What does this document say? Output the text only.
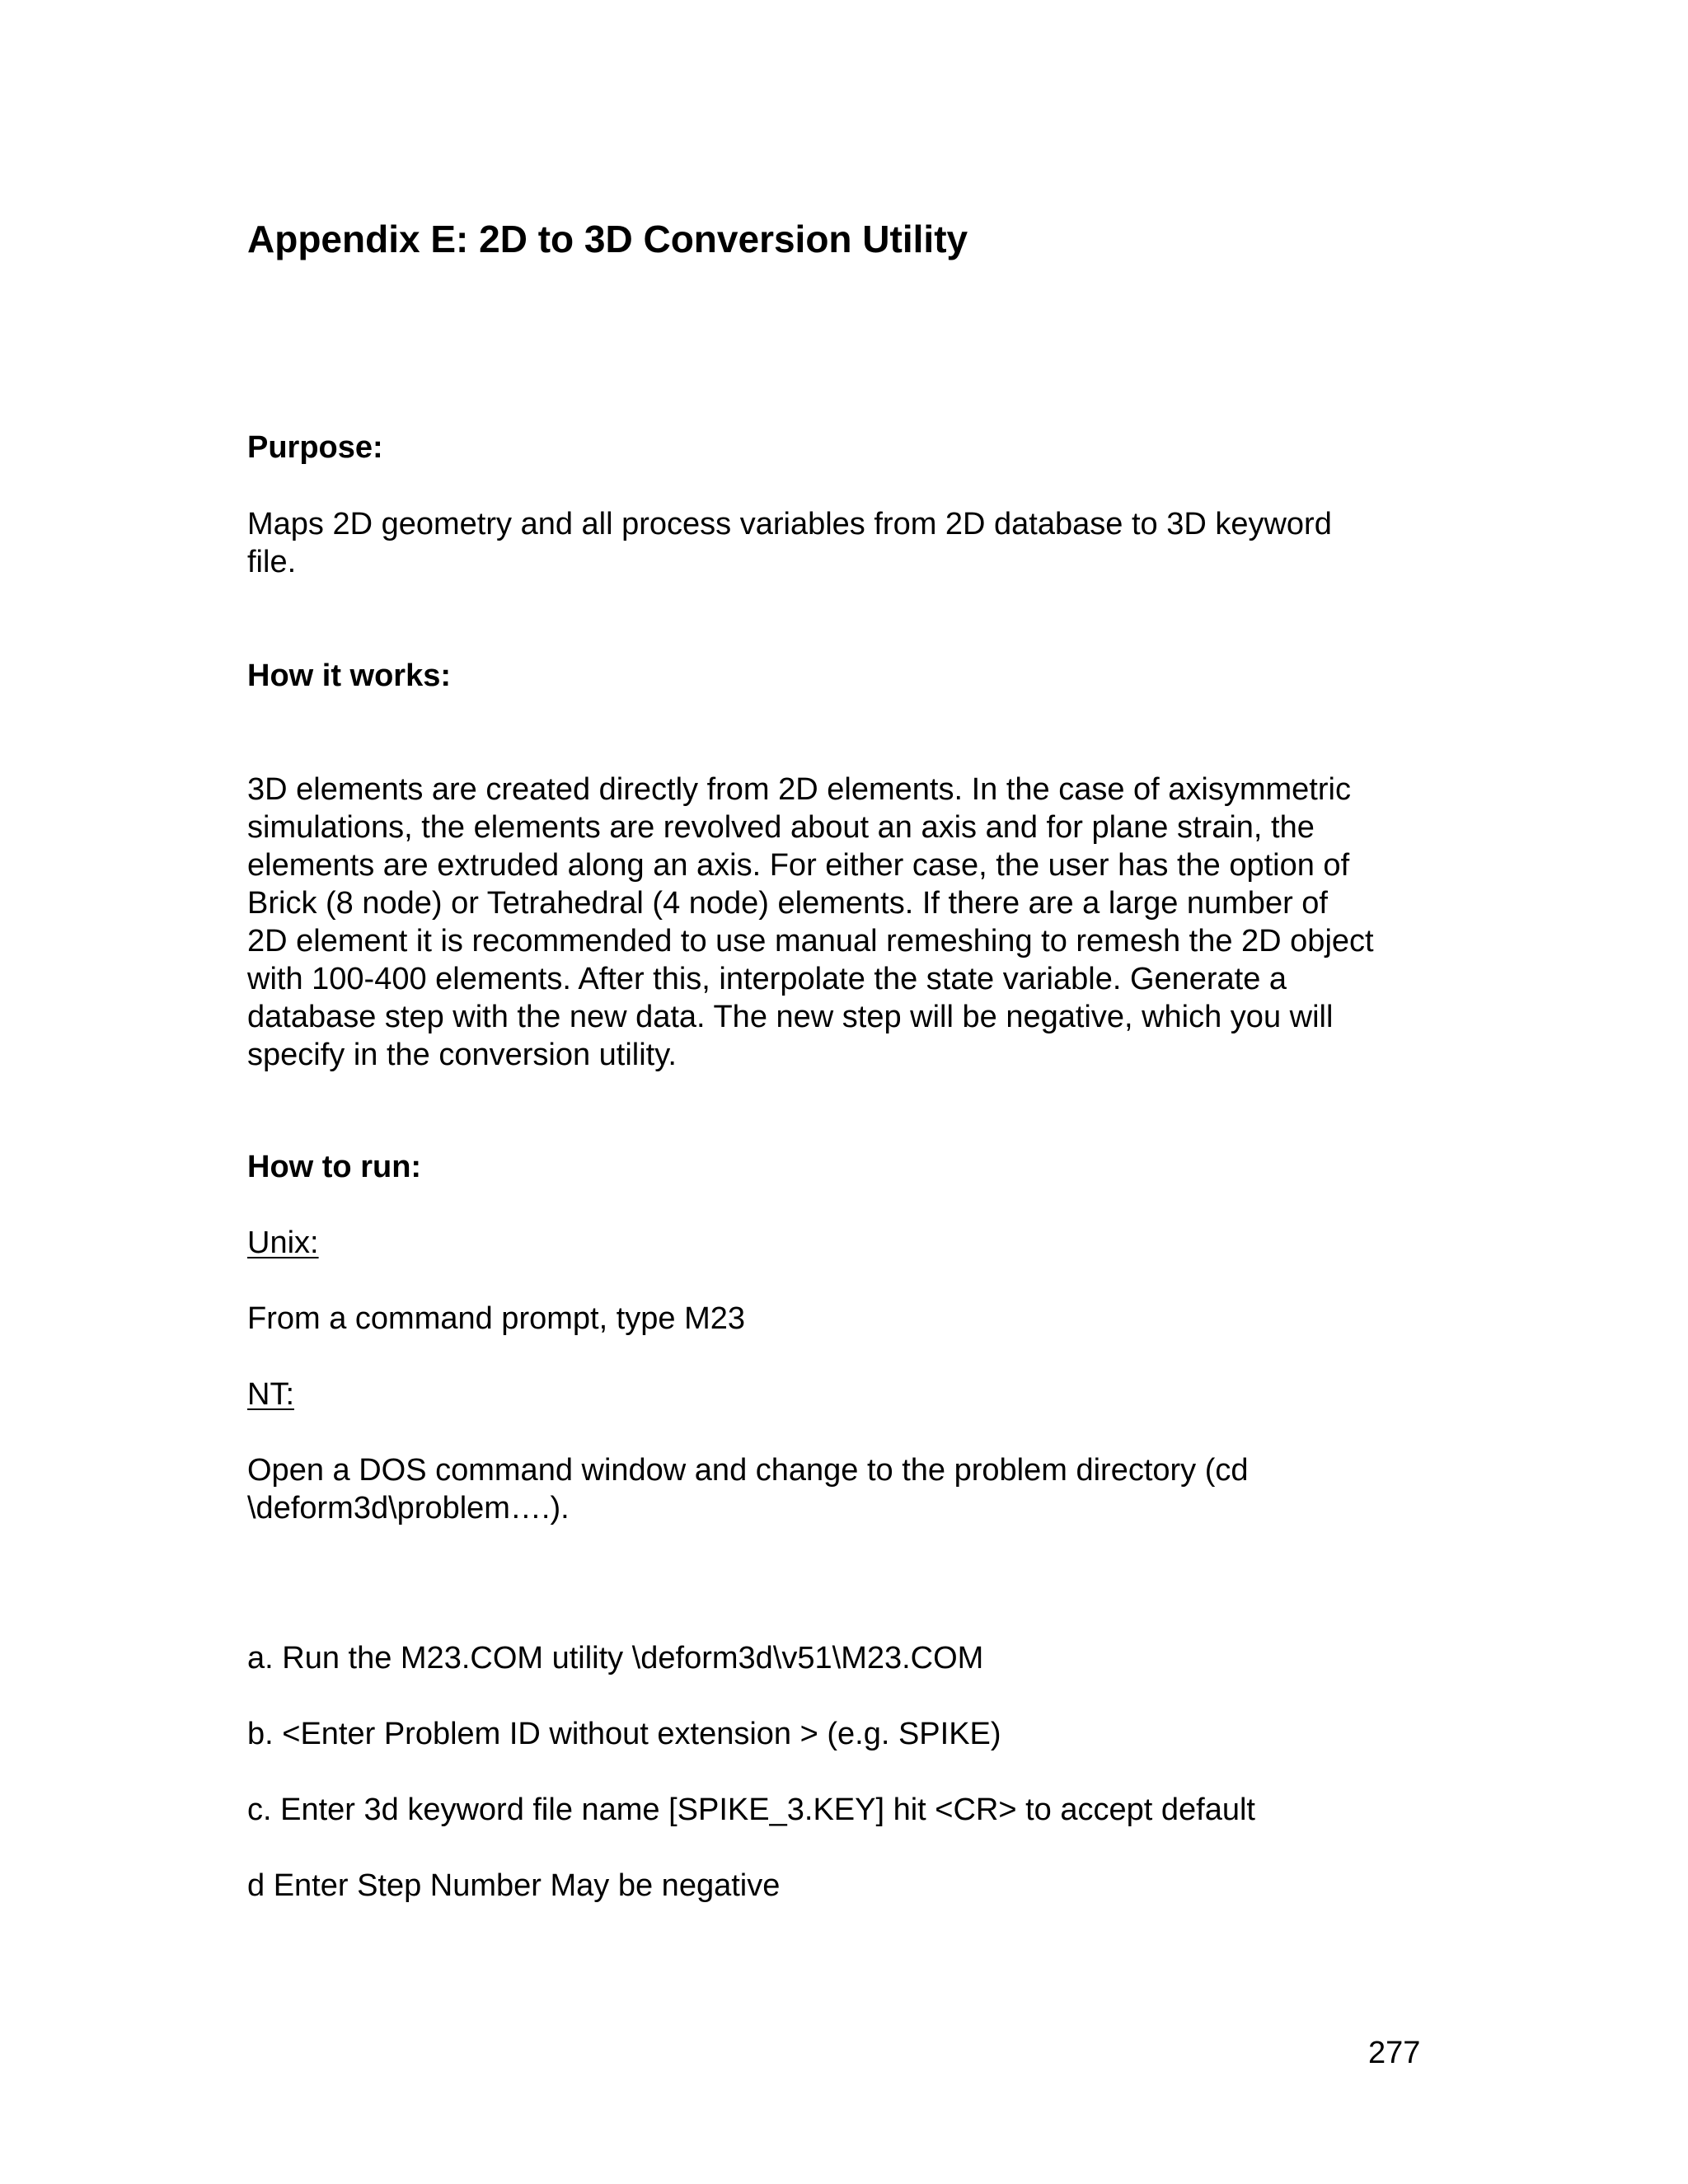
Appendix E: 2D to 3D Conversion Utility
Purpose:
Maps 2D geometry and all process variables from 2D database to 3D keyword
file.
How it works:
3D elements are created directly from 2D elements. In the case of axisymmetric
simulations, the elements are revolved about an axis and for plane strain, the
elements are extruded along an axis. For either case, the user has the option of
Brick (8 node) or Tetrahedral (4 node) elements. If there are a large number of
2D element it is recommended to use manual remeshing to remesh the 2D object
with 100-400 elements. After this, interpolate the state variable. Generate a
database step with the new data. The new step will be negative, which you will
specify in the conversion utility.
How to run:
Unix:
From a command prompt, type M23
NT:
Open a DOS command window and change to the problem directory (cd
\deform3d\problem….).
a. Run the M23.COM utility \deform3d\v51\M23.COM
b. <Enter Problem ID without extension > (e.g. SPIKE)
c. Enter 3d keyword file name [SPIKE_3.KEY] hit <CR> to accept default
d Enter Step Number May be negative
277
